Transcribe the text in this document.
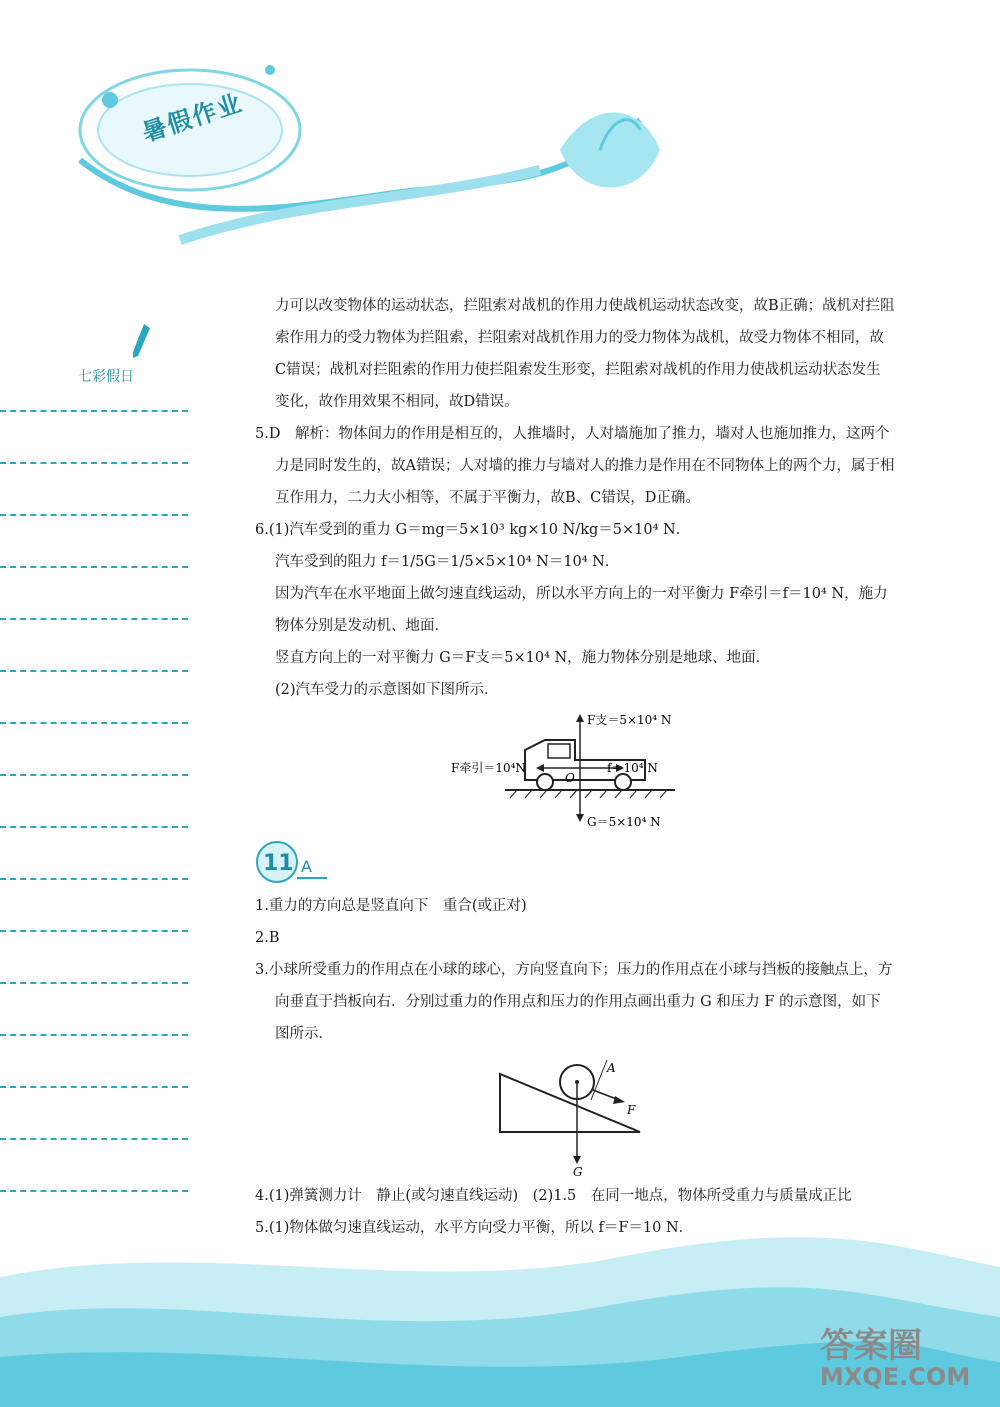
暑假作业
七彩假日

力可以改变物体的运动状态，拦阻索对战机的作用力使战机运动状态改变，故B正确；战机对拦阻索作用力的受力物体为拦阻索，拦阻索对战机作用力的受力物体为战机，故受力物体不相同，故C错误；战机对拦阻索的作用力使拦阻索发生形变，拦阻索对战机的作用力使战机运动状态发生变化，故作用效果不相同，故D错误。

5.D　解析：物体间力的作用是相互的，人推墙时，人对墙施加了推力，墙对人也施加推力，这两个力是同时发生的，故A错误；人对墙的推力与墙对人的推力是作用在不同物体上的两个力，属于相互作用力，二力大小相等，不属于平衡力，故B、C错误，D正确。

6.(1)汽车受到的重力 G＝mg＝5×10³ kg×10 N/kg＝5×10⁴ N．

汽车受到的阻力 f＝1/5G＝1/5×5×10⁴ N＝10⁴ N．

因为汽车在水平地面上做匀速直线运动，所以水平方向上的一对平衡力 F牵引＝f＝10⁴ N，施力物体分别是发动机、地面．

竖直方向上的一对平衡力 G＝F支＝5×10⁴ N，施力物体分别是地球、地面．

(2)汽车受力的示意图如下图所示．

F支＝5×10⁴ N
F牵引＝10⁴N	f＝10⁴ N
G＝5×10⁴ N
O
11 A

1.重力的方向总是竖直向下　重合(或正对)

2.B

3.小球所受重力的作用点在小球的球心，方向竖直向下；压力的作用点在小球与挡板的接触点上，方向垂直于挡板向右．分别过重力的作用点和压力的作用点画出重力 G 和压力 F 的示意图，如下图所示．

A
F
G

4.(1)弹簧测力计　静止(或匀速直线运动)　(2)1.5　在同一地点，物体所受重力与质量成正比

5.(1)物体做匀速直线运动，水平方向受力平衡，所以 f＝F＝10 N．

答案圈
MXQE.COM
